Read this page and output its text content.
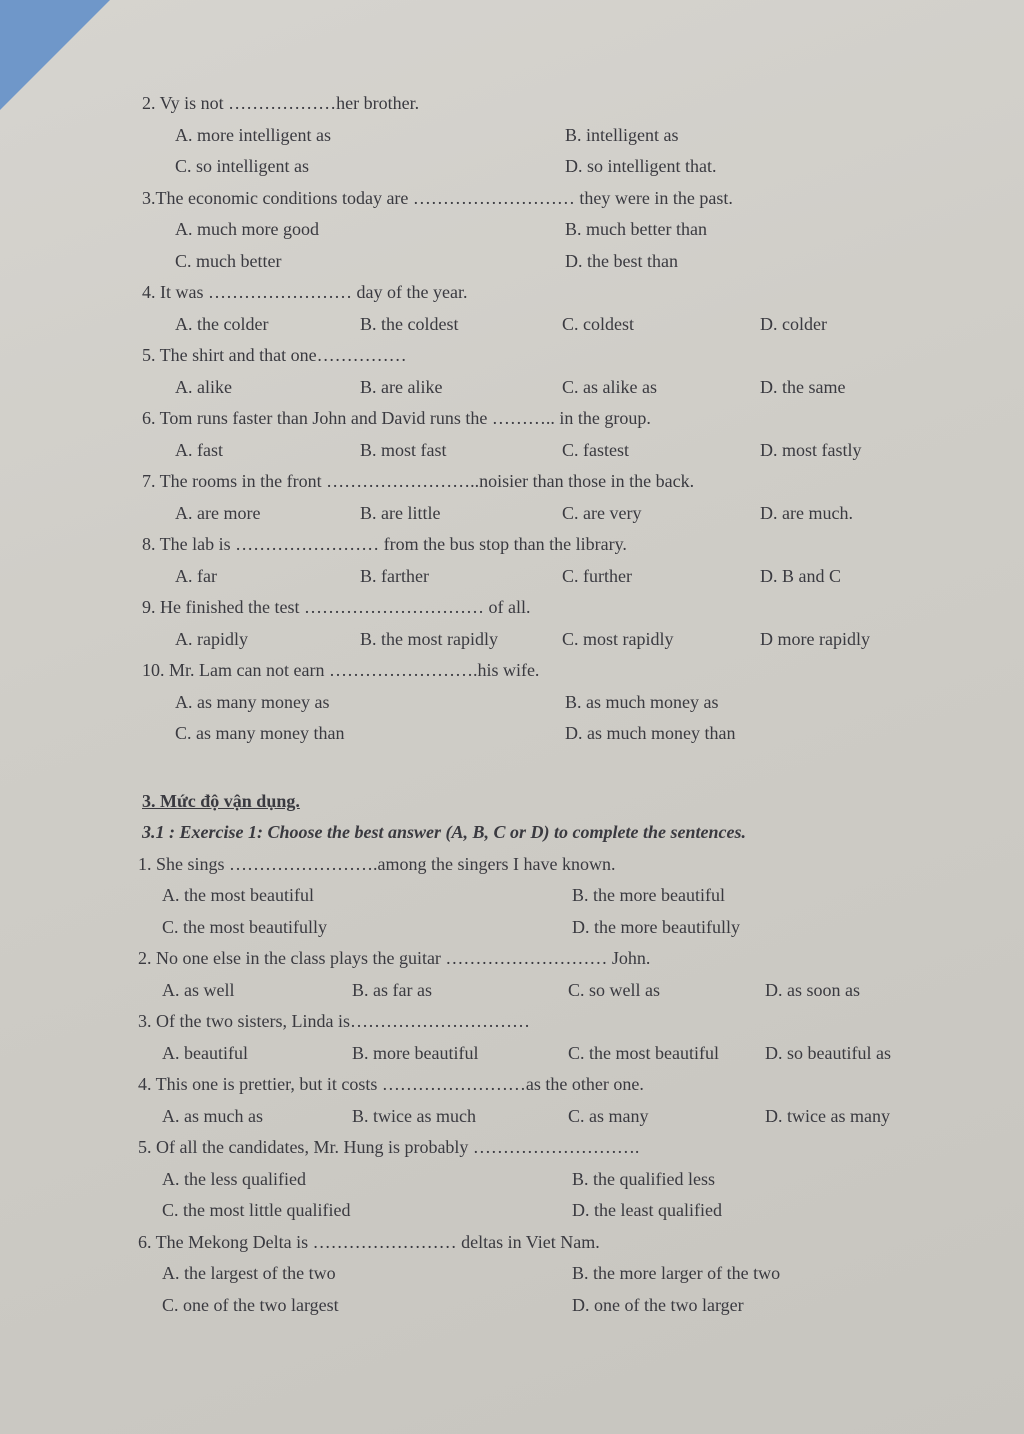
2. Vy is not ………………her brother.

A. more intelligent as	B. intelligent as
C. so intelligent as	D. so intelligent that.

3.The economic conditions today are ……………………… they were in the past.

A. much more good	B. much better than
C. much better	D. the best than

4. It was …………………… day of the year.

A. the colder	B. the coldest	C. coldest	D. colder

5. The shirt and that one……………

A. alike	B. are alike	C. as alike as	D. the same

6. Tom runs faster than John and David runs the ……….. in the group.

A. fast	B. most fast	C. fastest	D. most fastly

7. The rooms in the front ……………………..noisier than those in the back.

A. are more	B. are little	C. are very	D. are much.

8. The lab is …………………… from the bus stop than the library.

A. far	B. farther	C. further	D. B and C

9. He finished the test ………………………… of all.

A. rapidly	B. the most rapidly	C. most rapidly	D more rapidly

10. Mr. Lam can not earn …………………….his wife.

A. as many money as	B. as much money as
C. as many money than	D. as much money than
3. Mức độ vận dụng.
3.1 : Exercise 1: Choose the best answer (A, B, C or D) to complete the sentences.

1. She sings …………………….among the singers I have known.

A. the most beautiful	B. the more beautiful
C. the most beautifully	D. the more beautifully

2. No one else in the class plays the guitar ……………………… John.

A. as well	B. as far as	C. so well as	D. as soon as

3. Of the two sisters, Linda is…………………………

A. beautiful	B. more beautiful	C. the most beautiful	D. so beautiful as

4. This one is prettier, but it costs ……………………as the other one.

A. as much as	B. twice as much	C. as many	D. twice as many

5. Of all the candidates, Mr. Hung is probably ……………………….

A. the less qualified	B. the qualified less
C. the most little qualified	D. the least qualified

6. The Mekong Delta is …………………… deltas in Viet Nam.

A. the largest of the two	B. the more larger of the two
C. one of the two largest	D. one of the two larger
